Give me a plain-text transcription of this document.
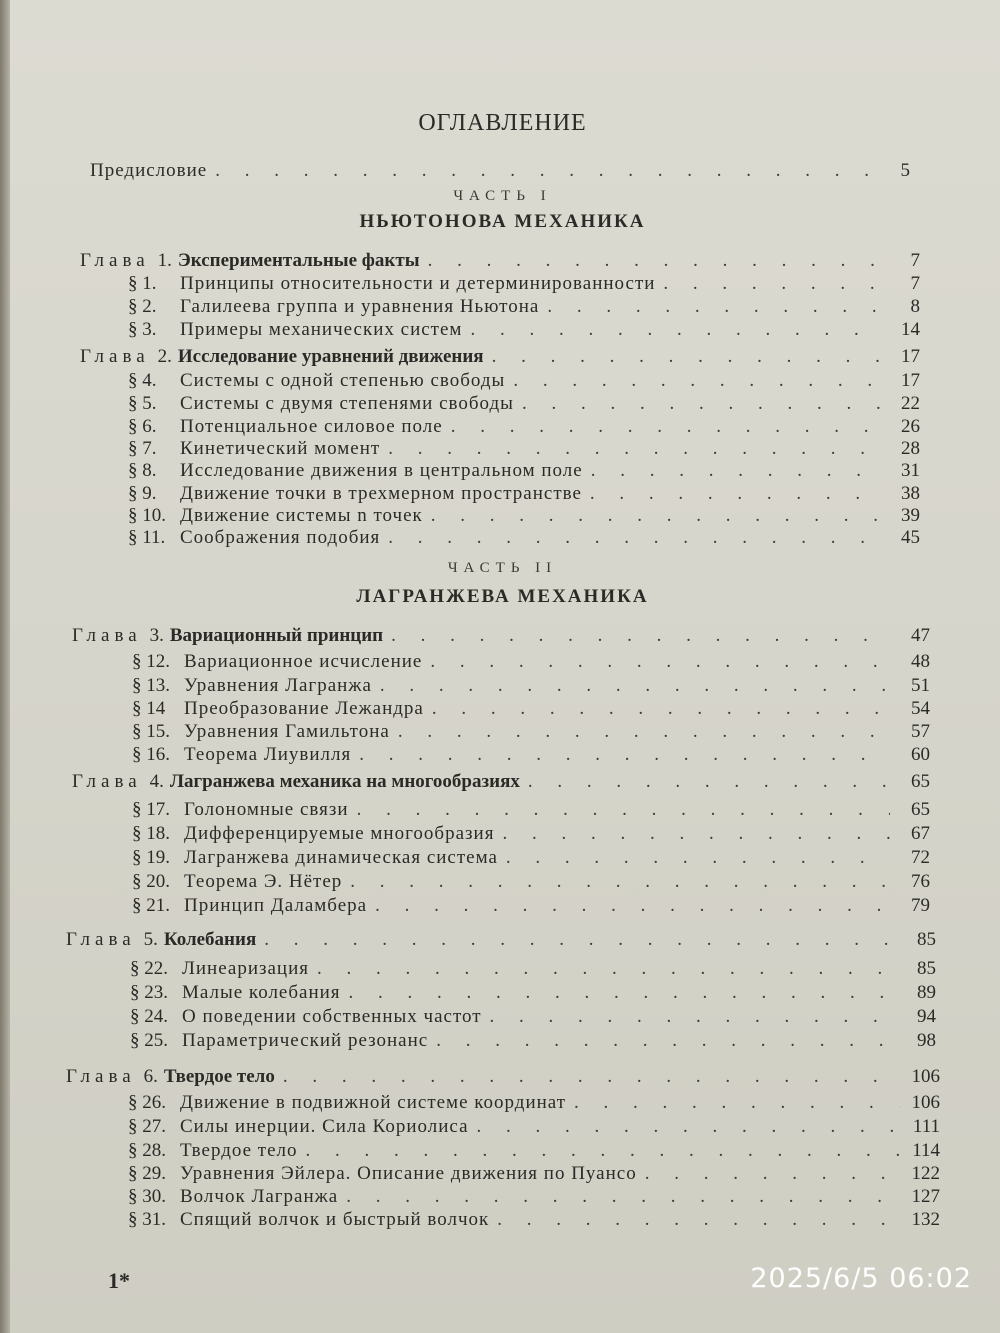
ОГЛАВЛЕНИЕ
Предисловие . . .	5
ЧАСТЬ I
НЬЮТОНОВА МЕХАНИКА
Глава 1. Экспериментальные факты . . .	7
§ 1.	Принципы относительности и детерминированности . . .	7
§ 2.	Галилеева группа и уравнения Ньютона . . .	8
§ 3.	Примеры механических систем . . .	14
Глава 2. Исследование уравнений движения . . .	17
§ 4.	Системы с одной степенью свободы . . .	17
§ 5.	Системы с двумя степенями свободы . . .	22
§ 6.	Потенциальное силовое поле . . .	26
§ 7.	Кинетический момент . . .	28
§ 8.	Исследование движения в центральном поле . . .	31
§ 9.	Движение точки в трехмерном пространстве . . .	38
§ 10. Движение системы n точек . . .	39
§ 11. Соображения подобия . . .	45
ЧАСТЬ II
ЛАГРАНЖЕВА МЕХАНИКА
Глава 3. Вариационный принцип . . .	47
§ 12. Вариационное исчисление . . .	48
§ 13. Уравнения Лагранжа . . .	51
§ 14 Преобразование Лежандра . . .	54
§ 15. Уравнения Гамильтона . . .	57
§ 16. Теорема Лиувилля . . .	60
Глава 4. Лагранжева механика на многообразиях . . .	65
§ 17. Голономные связи . . .	65
§ 18. Дифференцируемые многообразия . . .	67
§ 19. Лагранжева динамическая система . . .	72
§ 20. Теорема Э. Нётер . . .	76
§ 21. Принцип Даламбера . . .	79
Глава 5. Колебания . . .	85
§ 22. Линеаризация . . .	85
§ 23. Малые колебания . . .	89
§ 24. О поведении собственных частот . . .	94
§ 25. Параметрический резонанс . . .	98
Глава 6. Твердое тело . . .	106
§ 26. Движение в подвижной системе координат . . .	106
§ 27. Силы инерции. Сила Кориолиса . . .	111
§ 28. Твердое тело . . .	114
§ 29. Уравнения Эйлера. Описание движения по Пуансо . . .	122
§ 30. Волчок Лагранжа . . .	127
§ 31. Спящий волчок и быстрый волчок . . .	132
1*	2025/6/5 06:02
